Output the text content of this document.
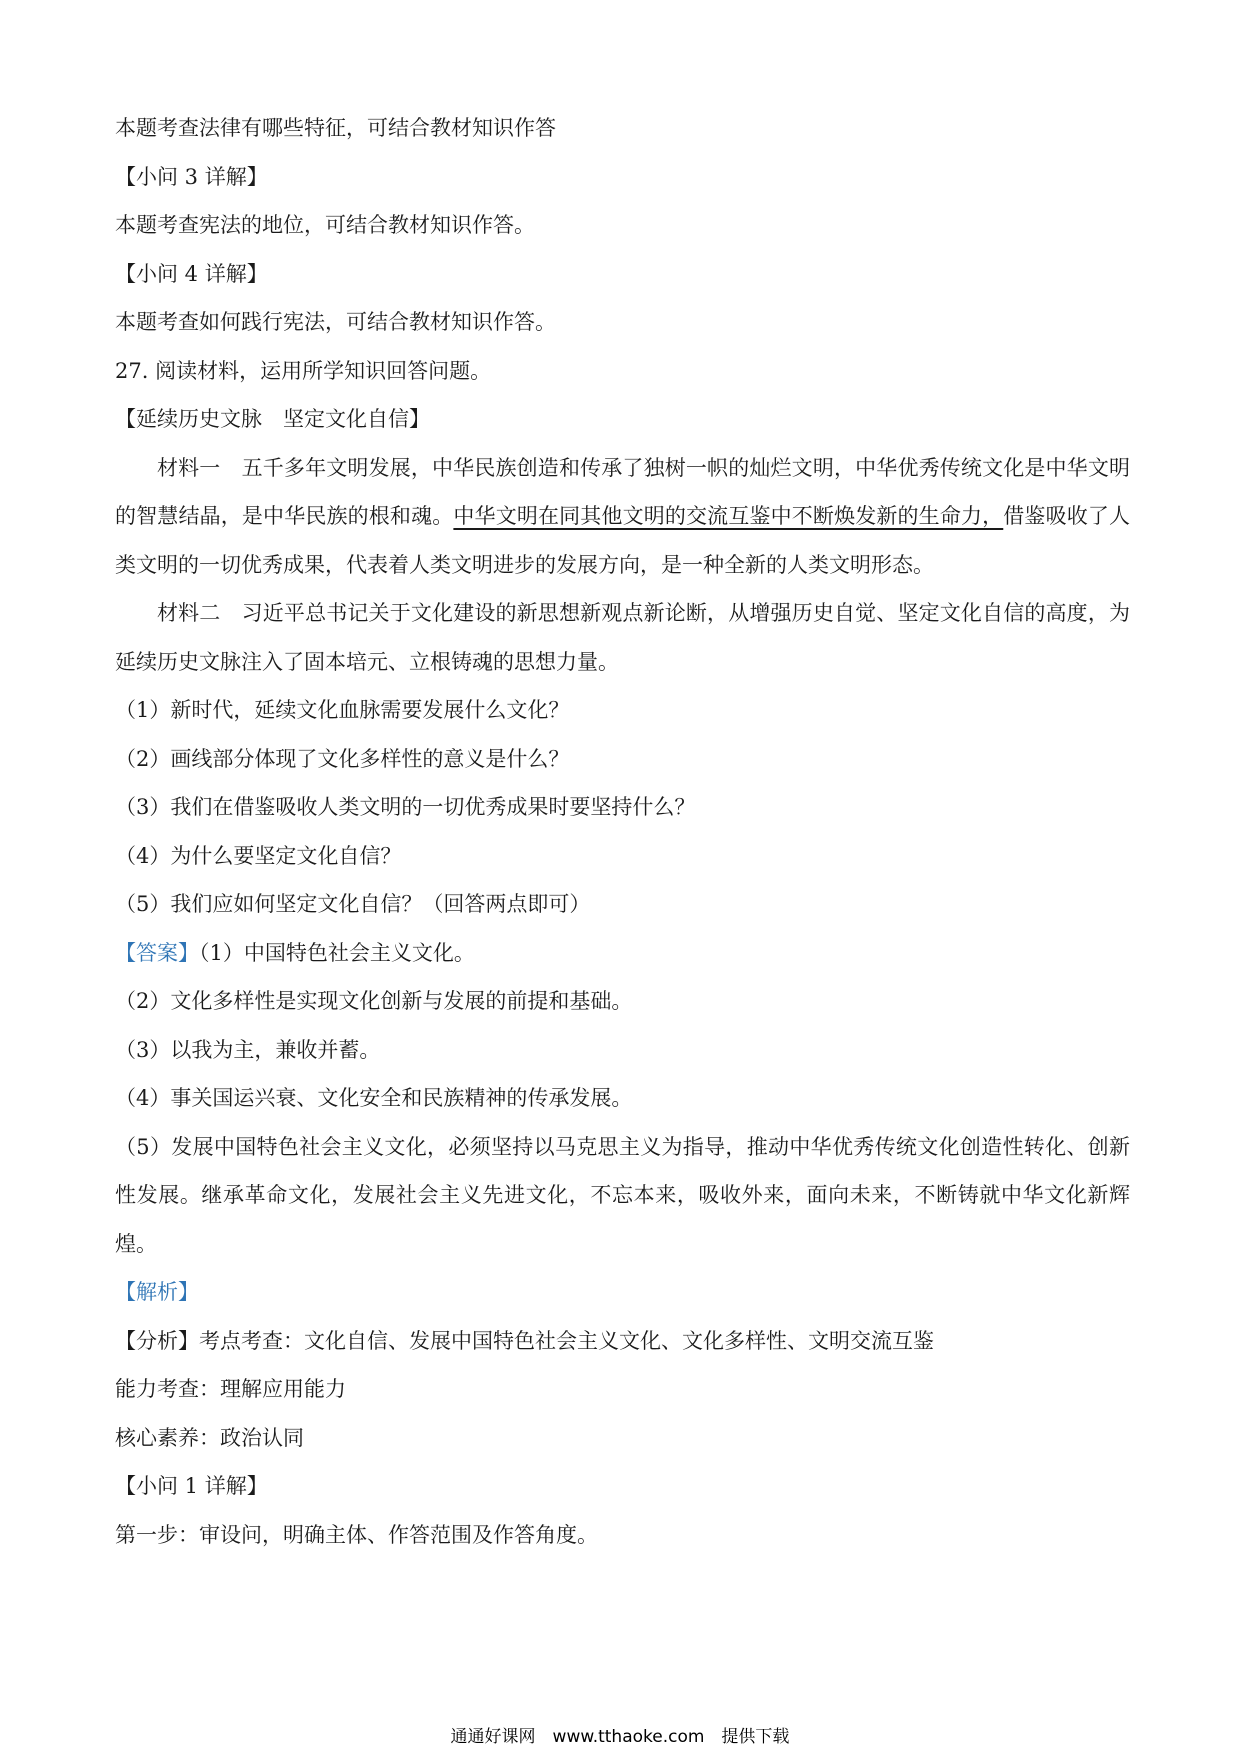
本题考查法律有哪些特征，可结合教材知识作答
【小问 3 详解】
本题考查宪法的地位，可结合教材知识作答。
【小问 4 详解】
本题考查如何践行宪法，可结合教材知识作答。
27. 阅读材料，运用所学知识回答问题。
【延续历史文脉　坚定文化自信】

材料一　五千多年文明发展，中华民族创造和传承了独树一帜的灿烂文明，中华优秀传统文化是中华文明的智慧结晶，是中华民族的根和魂。中华文明在同其他文明的交流互鉴中不断焕发新的生命力，借鉴吸收了人类文明的一切优秀成果，代表着人类文明进步的发展方向，是一种全新的人类文明形态。

材料二　习近平总书记关于文化建设的新思想新观点新论断，从增强历史自觉、坚定文化自信的高度，为延续历史文脉注入了固本培元、立根铸魂的思想力量。

（1）新时代，延续文化血脉需要发展什么文化？
（2）画线部分体现了文化多样性的意义是什么？
（3）我们在借鉴吸收人类文明的一切优秀成果时要坚持什么？
（4）为什么要坚定文化自信？
（5）我们应如何坚定文化自信？（回答两点即可）
【答案】（1）中国特色社会主义文化。
（2）文化多样性是实现文化创新与发展的前提和基础。
（3）以我为主，兼收并蓄。
（4）事关国运兴衰、文化安全和民族精神的传承发展。

（5）发展中国特色社会主义文化，必须坚持以马克思主义为指导，推动中华优秀传统文化创造性转化、创新性发展。继承革命文化，发展社会主义先进文化，不忘本来，吸收外来，面向未来，不断铸就中华文化新辉煌。

【解析】
【分析】考点考查：文化自信、发展中国特色社会主义文化、文化多样性、文明交流互鉴
能力考查：理解应用能力
核心素养：政治认同
【小问 1 详解】
第一步：审设问，明确主体、作答范围及作答角度。
通通好课网　www.tthaoke.com　提供下载
